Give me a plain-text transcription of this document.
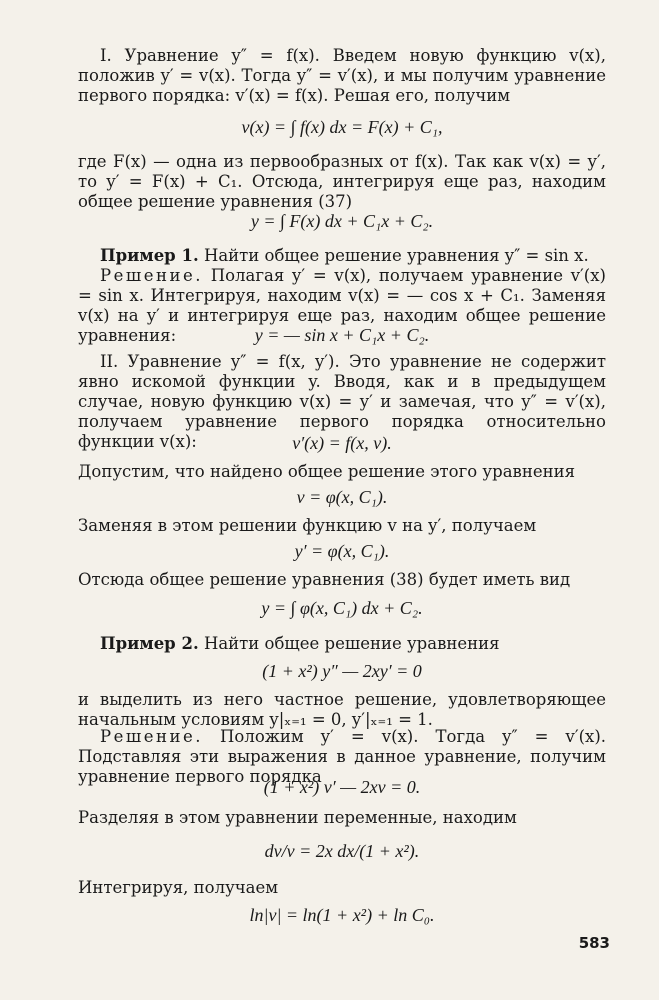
I. Уравнение y″ = f(x). Введем новую функцию v(x), положив y′ = v(x). Тогда y″ = v′(x), и мы получим уравнение первого порядка: v′(x) = f(x). Решая его, получим
v(x) = ∫ f(x) dx = F(x) + C₁,
где F(x) — одна из первообразных от f(x). Так как v(x) = y′, то y′ = F(x) + C₁. Отсюда, интегрируя еще раз, находим общее решение уравнения (37)
y = ∫ F(x) dx + C₁x + C₂.
Пример 1. Найти общее решение уравнения y″ = sin x.
Решение. Полагая y′ = v(x), получаем уравнение v′(x) = sin x. Интегрируя, находим v(x) = — cos x + C₁. Заменяя v(x) на y′ и интегрируя еще раз, находим общее решение уравнения:	y = — sin x + C₁x + C₂.
II. Уравнение y″ = f(x, y′). Это уравнение не содержит явно искомой функции y. Вводя, как и в предыдущем случае, новую функцию v(x) = y′ и замечая, что y″ = v′(x), получаем уравнение первого порядка относительно функции v(x):	v′(x) = f(x, v).
Допустим, что найдено общее решение этого уравнения
v = φ(x, C₁).
Заменяя в этом решении функцию v на y′, получаем
y′ = φ(x, C₁).
Отсюда общее решение уравнения (38) будет иметь вид
y = ∫ φ(x, C₁) dx + C₂.
Пример 2. Найти общее решение уравнения
(1 + x²) y″ — 2xy′ = 0
и выделить из него частное решение, удовлетворяющее начальным условиям y|ₓ₌₁ = 0, y′|ₓ₌₁ = 1.
Решение. Положим y′ = v(x). Тогда y″ = v′(x). Подставляя эти выражения в данное уравнение, получим уравнение первого порядка
(1 + x²) v′ — 2xv = 0.
Разделяя в этом уравнении переменные, находим
dv/v = 2x dx/(1 + x²).
Интегрируя, получаем
ln|v| = ln(1 + x²) + ln C₀.
583
